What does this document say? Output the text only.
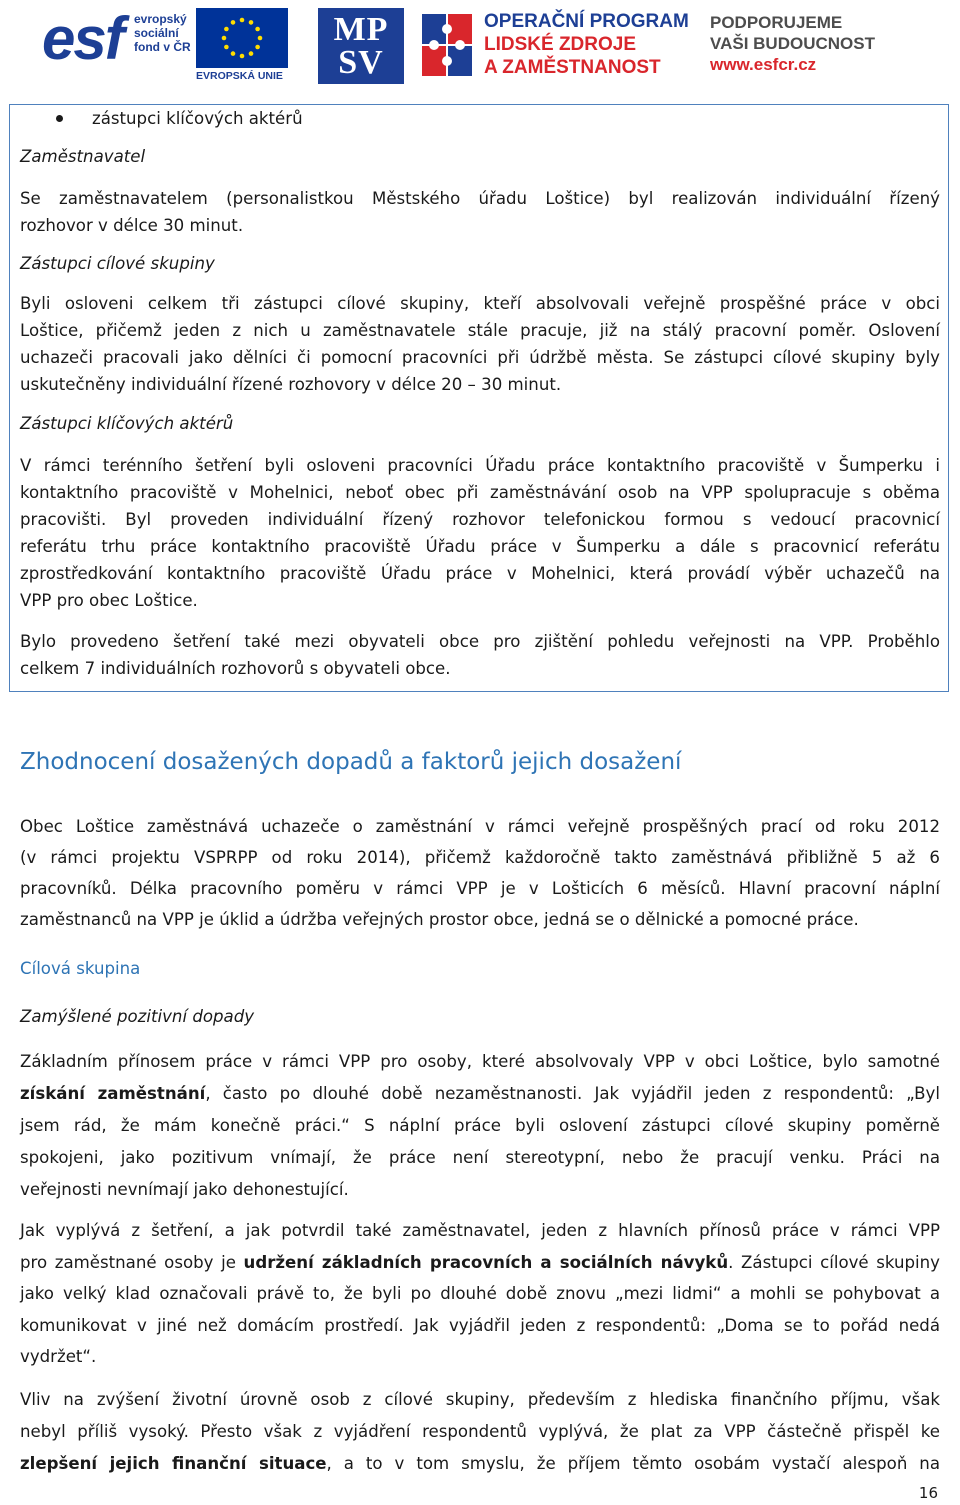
esf evropský
sociální
fond v ČR
EVROPSKÁ UNIE
MP
SV
OPERAČNÍ PROGRAM
LIDSKÉ ZDROJE
A ZAMĚSTNANOST
PODPORUJEME
VAŠI BUDOUCNOST
www.esfcr.cz
zástupci klíčových aktérů
Zaměstnavatel
Se zaměstnavatelem (personalistkou Městského úřadu Loštice) byl realizován individuální řízený
rozhovor v délce 30 minut.
Zástupci cílové skupiny
Byli osloveni celkem tři zástupci cílové skupiny, kteří absolvovali veřejně prospěšné práce v obci
Loštice, přičemž jeden z nich u zaměstnavatele stále pracuje, již na stálý pracovní poměr. Oslovení
uchazeči pracovali jako dělníci či pomocní pracovníci při údržbě města. Se zástupci cílové skupiny byly
uskutečněny individuální řízené rozhovory v délce 20 – 30 minut.
Zástupci klíčových aktérů
V rámci terénního šetření byli osloveni pracovníci Úřadu práce kontaktního pracoviště v Šumperku i
kontaktního pracoviště v Mohelnici, neboť obec při zaměstnávání osob na VPP spolupracuje s oběma
pracovišti. Byl proveden individuální řízený rozhovor telefonickou formou s vedoucí pracovnicí
referátu trhu práce kontaktního pracoviště Úřadu práce v Šumperku a dále s pracovnicí referátu
zprostředkování kontaktního pracoviště Úřadu práce v Mohelnici, která provádí výběr uchazečů na
VPP pro obec Loštice.
Bylo provedeno šetření také mezi obyvateli obce pro zjištění pohledu veřejnosti na VPP. Proběhlo
celkem 7 individuálních rozhovorů s obyvateli obce.
Zhodnocení dosažených dopadů a faktorů jejich dosažení
Obec Loštice zaměstnává uchazeče o zaměstnání v rámci veřejně prospěšných prací od roku 2012
(v rámci projektu VSPRPP od roku 2014), přičemž každoročně takto zaměstnává přibližně 5 až 6
pracovníků. Délka pracovního poměru v rámci VPP je v Lošticích 6 měsíců. Hlavní pracovní náplní
zaměstnanců na VPP je úklid a údržba veřejných prostor obce, jedná se o dělnické a pomocné práce.
Cílová skupina
Zamýšlené pozitivní dopady
Základním přínosem práce v rámci VPP pro osoby, které absolvovaly VPP v obci Loštice, bylo samotné
získání zaměstnání, často po dlouhé době nezaměstnanosti. Jak vyjádřil jeden z respondentů: „Byl
jsem rád, že mám konečně práci.“ S náplní práce byli oslovení zástupci cílové skupiny poměrně
spokojeni, jako pozitivum vnímají, že práce není stereotypní, nebo že pracují venku. Práci na
veřejnosti nevnímají jako dehonestující.
Jak vyplývá z šetření, a jak potvrdil také zaměstnavatel, jeden z hlavních přínosů práce v rámci VPP
pro zaměstnané osoby je udržení základních pracovních a sociálních návyků. Zástupci cílové skupiny
jako velký klad označovali právě to, že byli po dlouhé době znovu „mezi lidmi“ a mohli se pohybovat a
komunikovat v jiné než domácím prostředí. Jak vyjádřil jeden z respondentů: „Doma se to pořád nedá
vydržet“.
Vliv na zvýšení životní úrovně osob z cílové skupiny, především z hlediska finančního příjmu, však
nebyl příliš vysoký. Přesto však z vyjádření respondentů vyplývá, že plat za VPP částečně přispěl ke
zlepšení jejich finanční situace, a to v tom smyslu, že příjem těmto osobám vystačí alespoň na
16
